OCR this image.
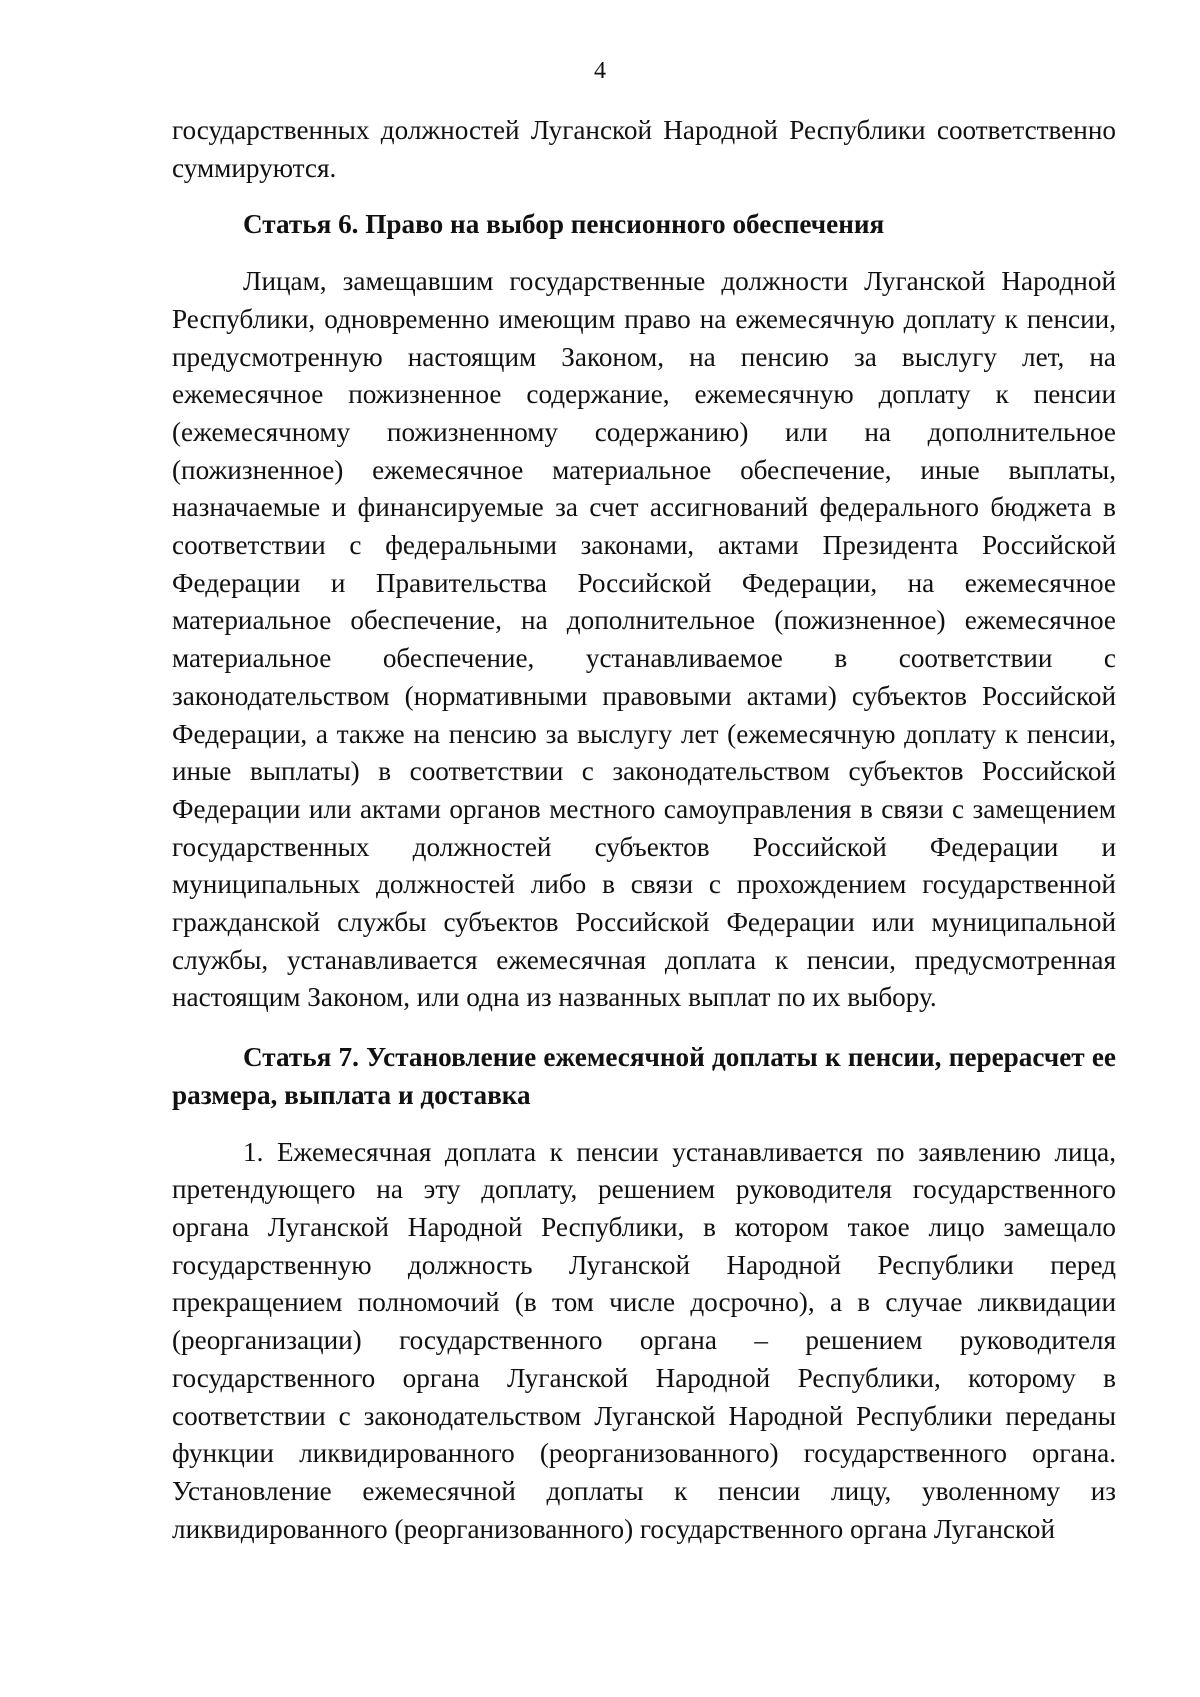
4

государственных должностей Луганской Народной Республики соответственно суммируются.

Статья 6. Право на выбор пенсионного обеспечения

Лицам, замещавшим государственные должности Луганской Народной Республики, одновременно имеющим право на ежемесячную доплату к пенсии, предусмотренную настоящим Законом, на пенсию за выслугу лет, на ежемесячное пожизненное содержание, ежемесячную доплату к пенсии (ежемесячному пожизненному содержанию) или на дополнительное (пожизненное) ежемесячное материальное обеспечение, иные выплаты, назначаемые и финансируемые за счет ассигнований федерального бюджета в соответствии с федеральными законами, актами Президента Российской Федерации и Правительства Российской Федерации, на ежемесячное материальное обеспечение, на дополнительное (пожизненное) ежемесячное материальное обеспечение, устанавливаемое в соответствии с законодательством (нормативными правовыми актами) субъектов Российской Федерации, а также на пенсию за выслугу лет (ежемесячную доплату к пенсии, иные выплаты) в соответствии с законодательством субъектов Российской Федерации или актами органов местного самоуправления в связи с замещением государственных должностей субъектов Российской Федерации и муниципальных должностей либо в связи с прохождением государственной гражданской службы субъектов Российской Федерации или муниципальной службы, устанавливается ежемесячная доплата к пенсии, предусмотренная настоящим Законом, или одна из названных выплат по их выбору.

Статья 7. Установление ежемесячной доплаты к пенсии, перерасчет ее размера, выплата и доставка

1. Ежемесячная доплата к пенсии устанавливается по заявлению лица, претендующего на эту доплату, решением руководителя государственного органа Луганской Народной Республики, в котором такое лицо замещало государственную должность Луганской Народной Республики перед прекращением полномочий (в том числе досрочно), а в случае ликвидации (реорганизации) государственного органа – решением руководителя государственного органа Луганской Народной Республики, которому в соответствии с законодательством Луганской Народной Республики переданы функции ликвидированного (реорганизованного) государственного органа. Установление ежемесячной доплаты к пенсии лицу, уволенному из ликвидированного (реорганизованного) государственного органа Луганской
